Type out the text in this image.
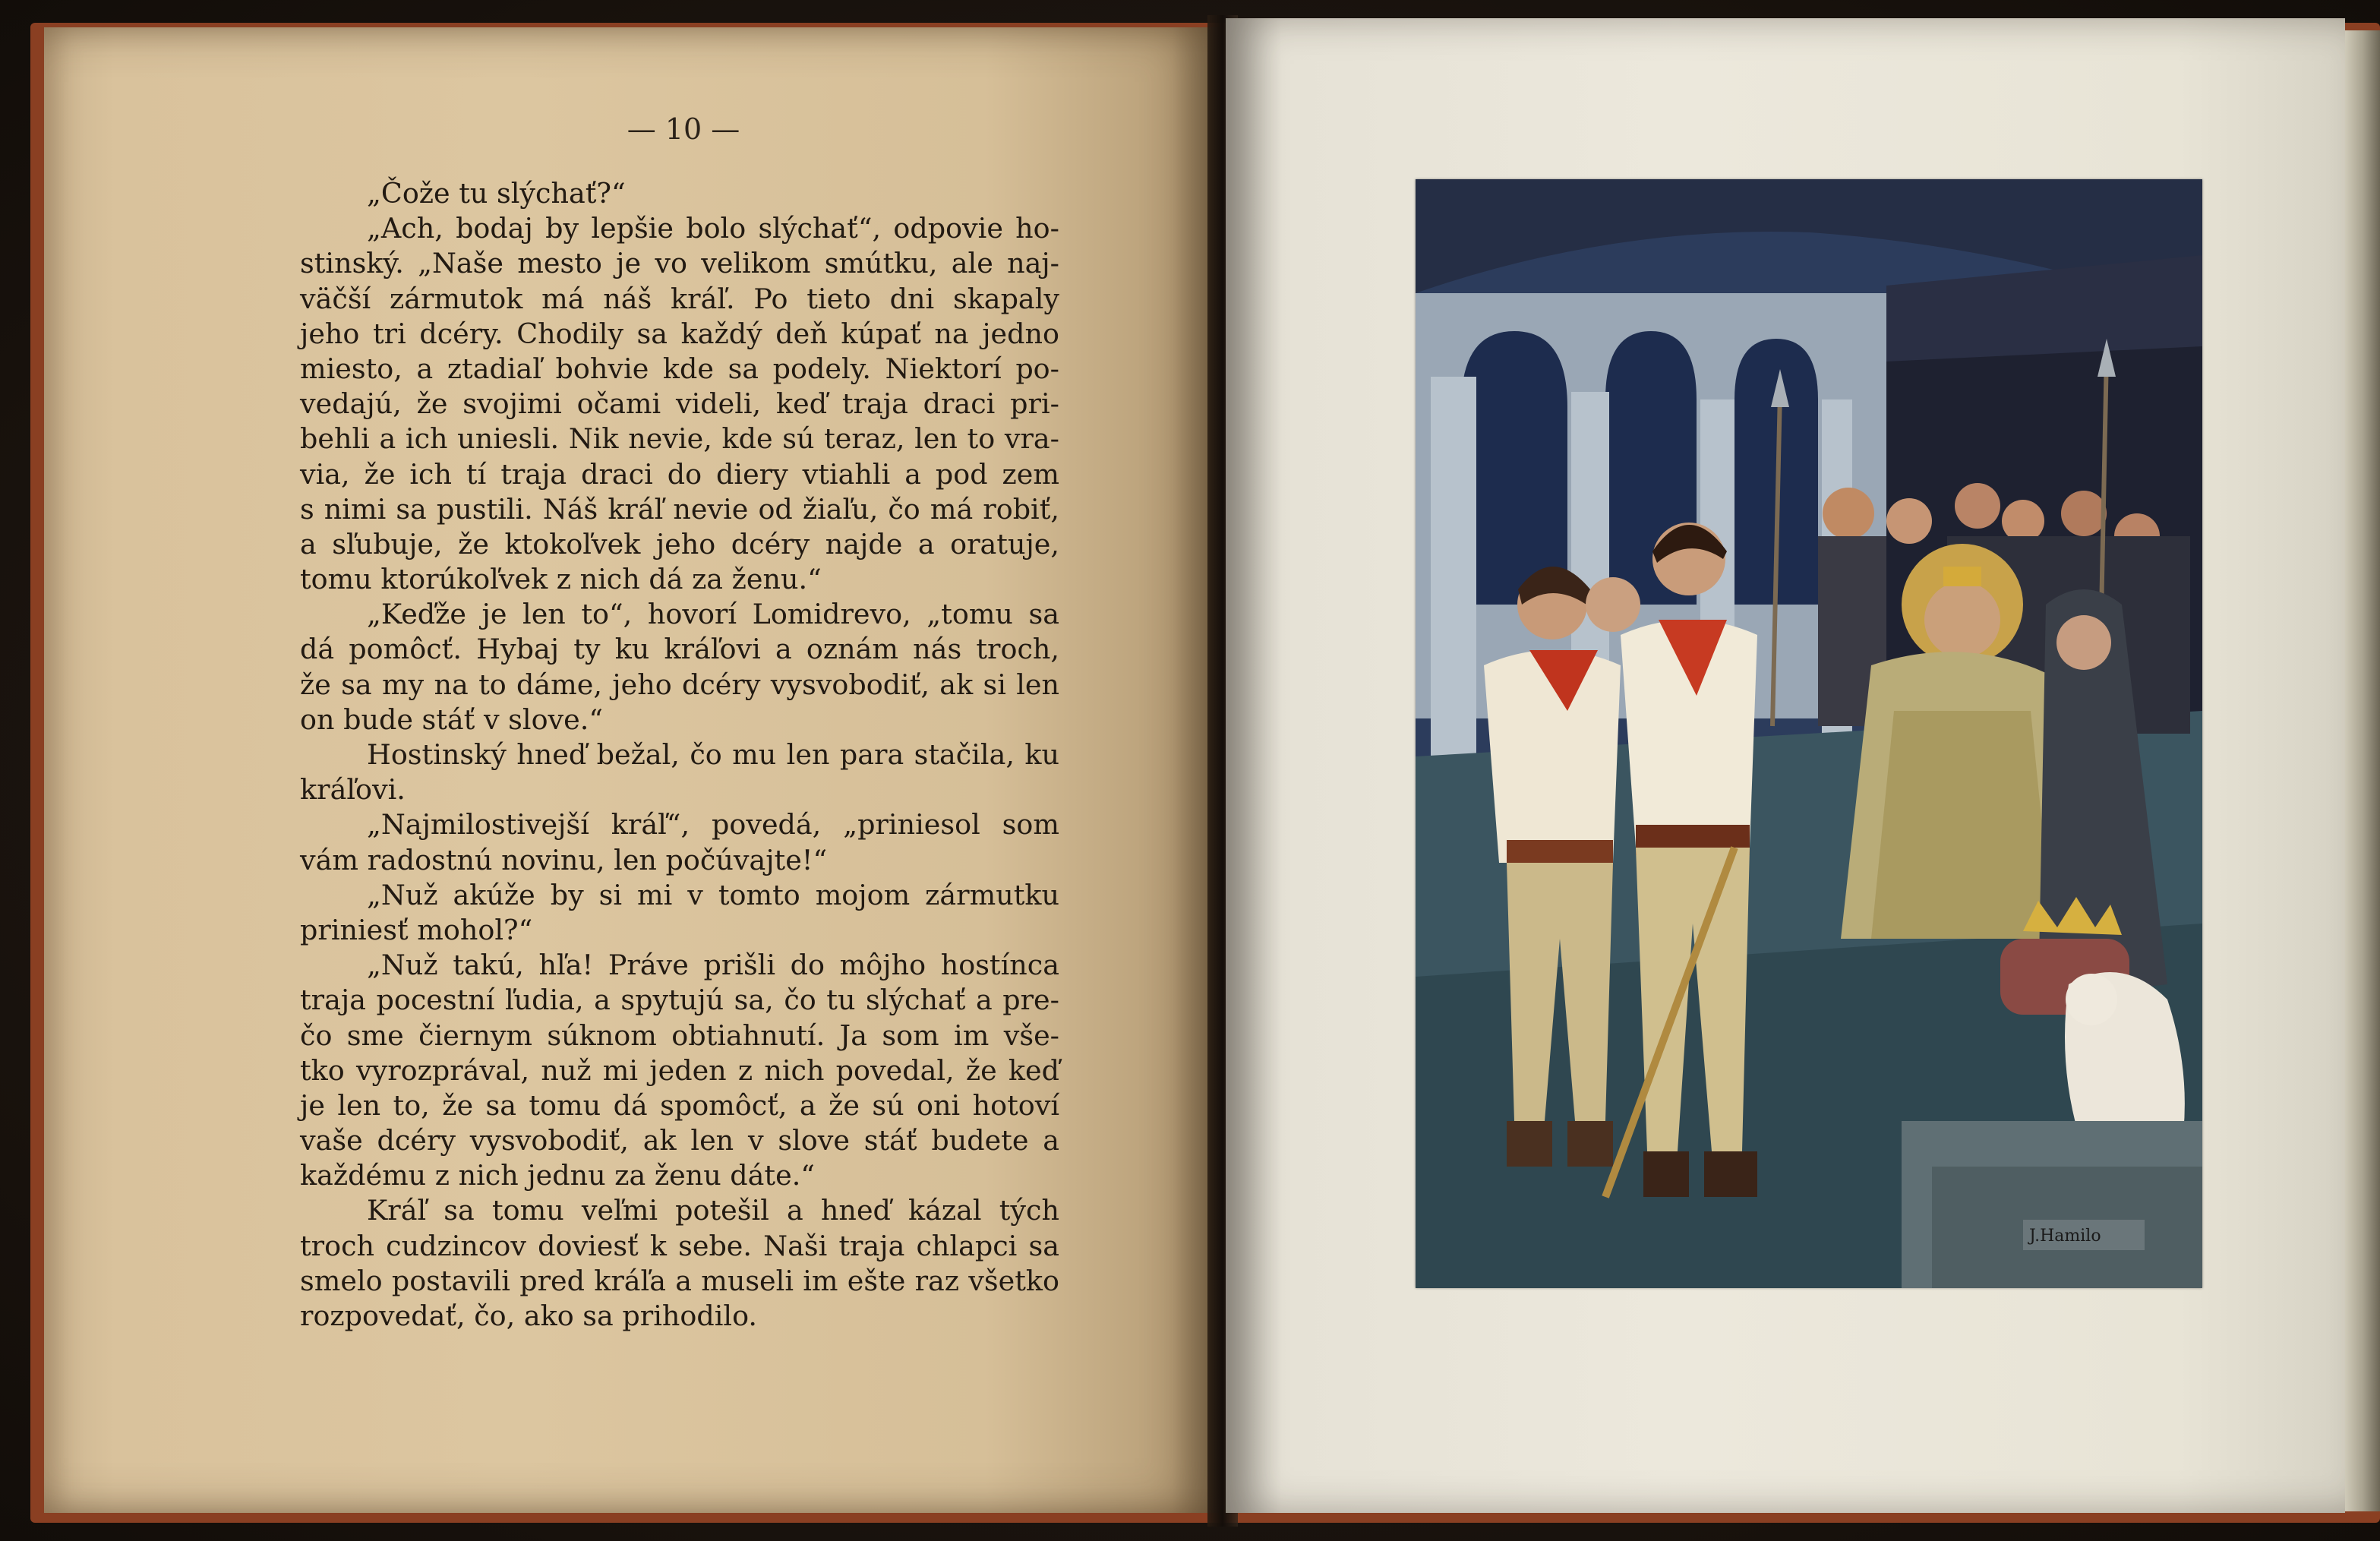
— 10 —
„Čože tu slýchať?“
„Ach, bodaj by lepšie bolo slýchať“, odpovie ho-
stinský. „Naše mesto je vo velikom smútku, ale naj-
väčší zármutok má náš kráľ. Po tieto dni skapaly
jeho tri dcéry. Chodily sa každý deň kúpať na jedno
miesto, a ztadiaľ bohvie kde sa podely. Niektorí po-
vedajú, že svojimi očami videli, keď traja draci pri-
behli a ich uniesli. Nik nevie, kde sú teraz, len to vra-
via, že ich tí traja draci do diery vtiahli a pod zem
s nimi sa pustili. Náš kráľ nevie od žiaľu, čo má robiť,
a sľubuje, že ktokoľvek jeho dcéry najde a oratuje,
tomu ktorúkoľvek z nich dá za ženu.“
„Keďže je len to“, hovorí Lomidrevo, „tomu sa
dá pomôcť. Hybaj ty ku kráľovi a oznám nás troch,
že sa my na to dáme, jeho dcéry vysvobodiť, ak si len
on bude stáť v slove.“
Hostinský hneď bežal, čo mu len para stačila, ku
kráľovi.
„Najmilostivejší kráľ“, povedá, „priniesol som
vám radostnú novinu, len počúvajte!“
„Nuž akúže by si mi v tomto mojom zármutku
priniesť mohol?“
„Nuž takú, hľa! Práve prišli do môjho hostínca
traja pocestní ľudia, a spytujú sa, čo tu slýchať a pre-
čo sme čiernym súknom obtiahnutí. Ja som im vše-
tko vyrozprával, nuž mi jeden z nich povedal, že keď
je len to, že sa tomu dá spomôcť, a že sú oni hotoví
vaše dcéry vysvobodiť, ak len v slove stáť budete a
každému z nich jednu za ženu dáte.“
Kráľ sa tomu veľmi potešil a hneď kázal tých
troch cudzincov doviesť k sebe. Naši traja chlapci sa
smelo postavili pred kráľa a museli im ešte raz všetko
rozpovedať, čo, ako sa prihodilo.
J.Hamilo
